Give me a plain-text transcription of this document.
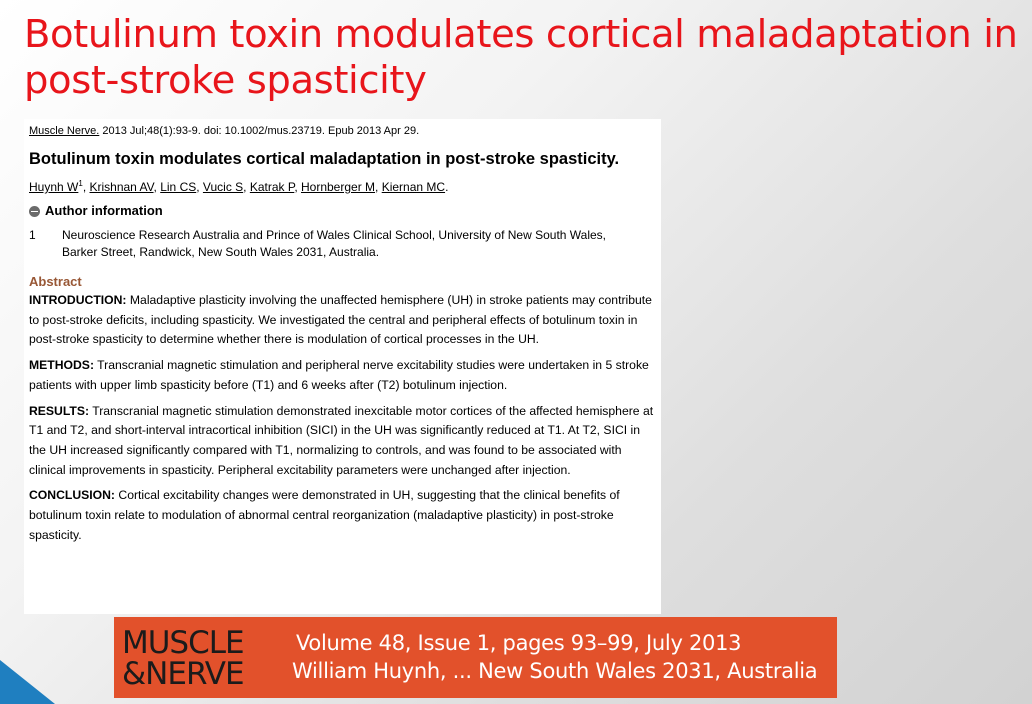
Botulinum toxin modulates cortical maladaptation in
post-stroke spasticity

Muscle Nerve. 2013 Jul;48(1):93-9. doi: 10.1002/mus.23719. Epub 2013 Apr 29.

Botulinum toxin modulates cortical maladaptation in post-stroke spasticity.

Huynh $W^1$, Krishnan AV, Lin CS, Vucic S, Katrak P, Hornberger M, Kiernan MC.

Author information
1	Neuroscience Research Australia and Prince of Wales Clinical School, University of New South Wales, Barker Street, Randwick, New South Wales 2031, Australia.
Abstract

INTRODUCTION: Maladaptive plasticity involving the unaffected hemisphere (UH) in stroke patients may contribute to post-stroke deficits, including spasticity. We investigated the central and peripheral effects of botulinum toxin in post-stroke spasticity to determine whether there is modulation of cortical processes in the UH.

METHODS: Transcranial magnetic stimulation and peripheral nerve excitability studies were undertaken in 5 stroke patients with upper limb spasticity before (T1) and 6 weeks after (T2) botulinum injection.

RESULTS: Transcranial magnetic stimulation demonstrated inexcitable motor cortices of the affected hemisphere at T1 and T2, and short-interval intracortical inhibition (SICI) in the UH was significantly reduced at T1. At T2, SICI in the UH increased significantly compared with T1, normalizing to controls, and was found to be associated with clinical improvements in spasticity. Peripheral excitability parameters were unchanged after injection.

CONCLUSION: Cortical excitability changes were demonstrated in UH, suggesting that the clinical benefits of botulinum toxin relate to modulation of abnormal central reorganization (maladaptive plasticity) in post-stroke spasticity.

MUSCLE
&NERVE
Volume 48, Issue 1, pages 93–99, July 2013
William Huynh, ... New South Wales 2031, Australia
